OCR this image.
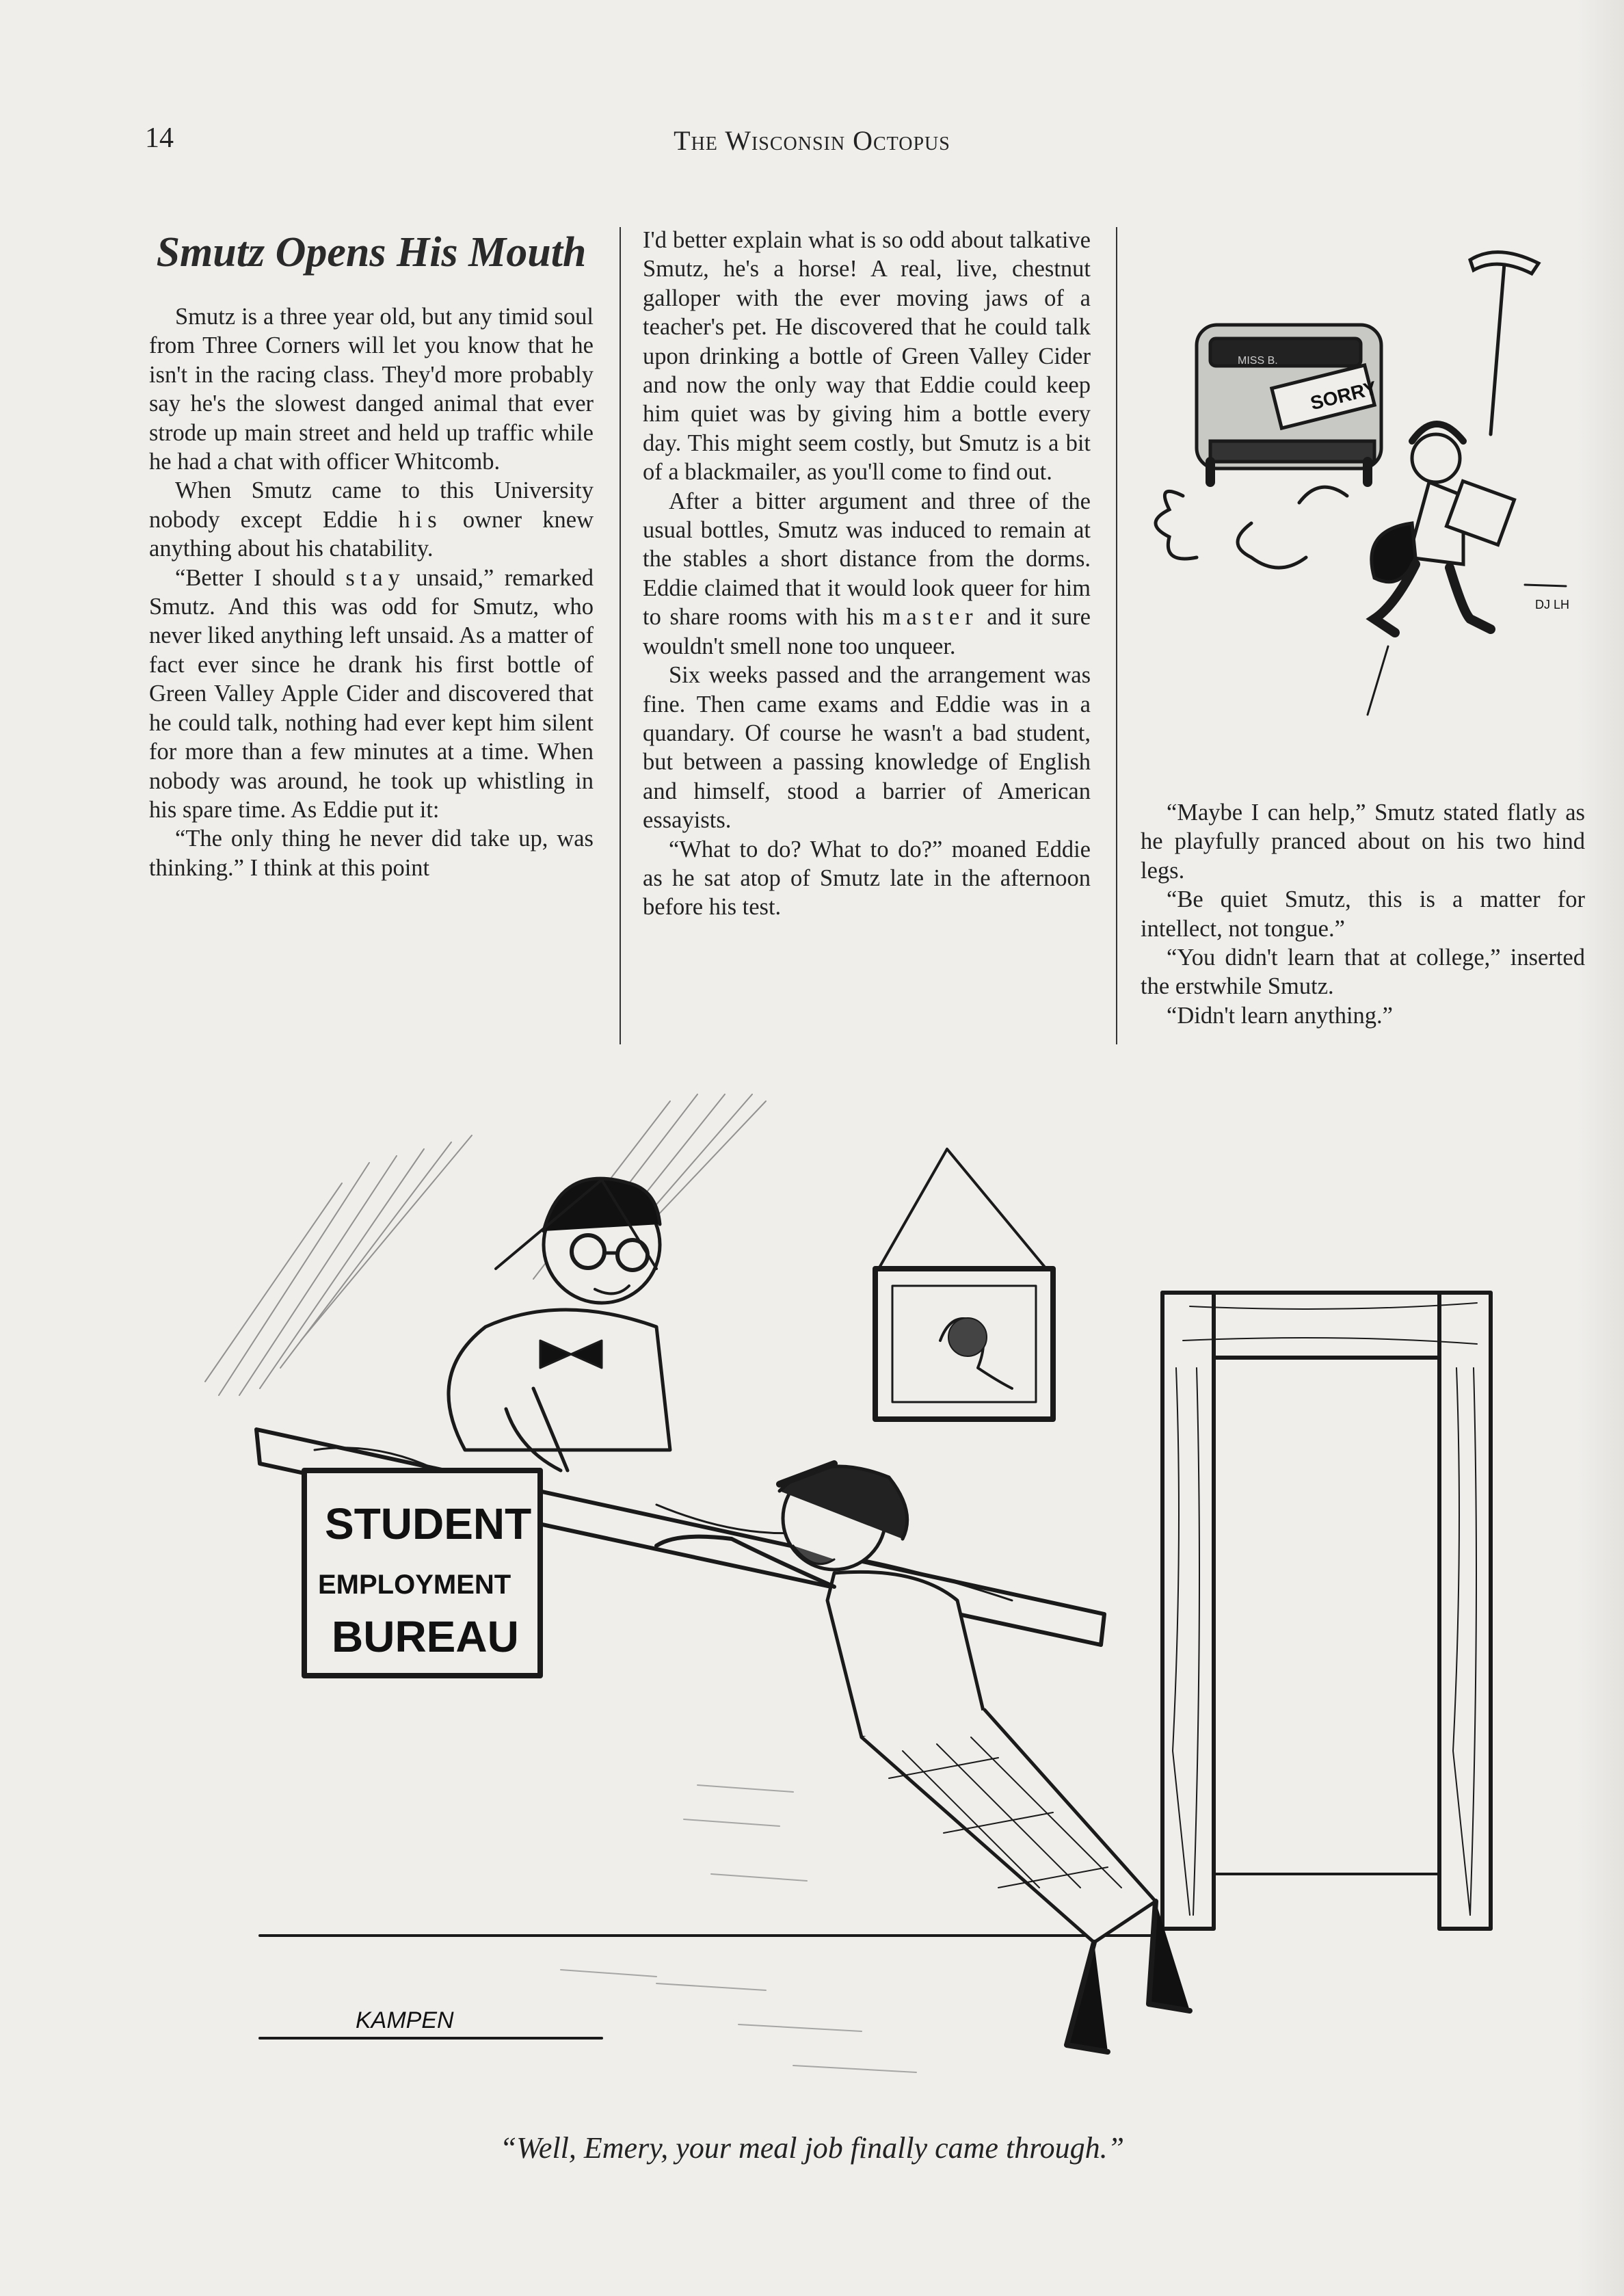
14	The Wisconsin Octopus
Smutz Opens His Mouth

Smutz is a three year old, but any timid soul from Three Corners will let you know that he isn't in the racing class. They'd more probably say he's the slowest danged animal that ever strode up main street and held up traffic while he had a chat with officer Whitcomb.

When Smutz came to this University nobody except Eddie his owner knew anything about his chatability.

“Better I should stay unsaid,” remarked Smutz. And this was odd for Smutz, who never liked anything left unsaid. As a matter of fact ever since he drank his first bottle of Green Valley Apple Cider and discovered that he could talk, nothing had ever kept him silent for more than a few minutes at a time. When nobody was around, he took up whistling in his spare time. As Eddie put it:

“The only thing he never did take up, was thinking.” I think at this point

I'd better explain what is so odd about talkative Smutz, he's a horse! A real, live, chestnut galloper with the ever moving jaws of a teacher's pet. He discovered that he could talk upon drinking a bottle of Green Valley Cider and now the only way that Eddie could keep him quiet was by giving him a bottle every day. This might seem costly, but Smutz is a bit of a blackmailer, as you'll come to find out.

After a bitter argument and three of the usual bottles, Smutz was induced to remain at the stables a short distance from the dorms. Eddie claimed that it would look queer for him to share rooms with his master and it sure wouldn't smell none too unqueer.

Six weeks passed and the arrangement was fine. Then came exams and Eddie was in a quandary. Of course he wasn't a bad student, but between a passing knowledge of English and himself, stood a barrier of American essayists.

“What to do? What to do?” moaned Eddie as he sat atop of Smutz late in the afternoon before his test.

SORRY
MISS B.
DJ LH

“Maybe I can help,” Smutz stated flatly as he playfully pranced about on his two hind legs.

“Be quiet Smutz, this is a matter for intellect, not tongue.”

“You didn't learn that at college,” inserted the erstwhile Smutz.

“Didn't learn anything.”

STUDENT
EMPLOYMENT
BUREAU
KAMPEN
“Well, Emery, your meal job finally came through.”
